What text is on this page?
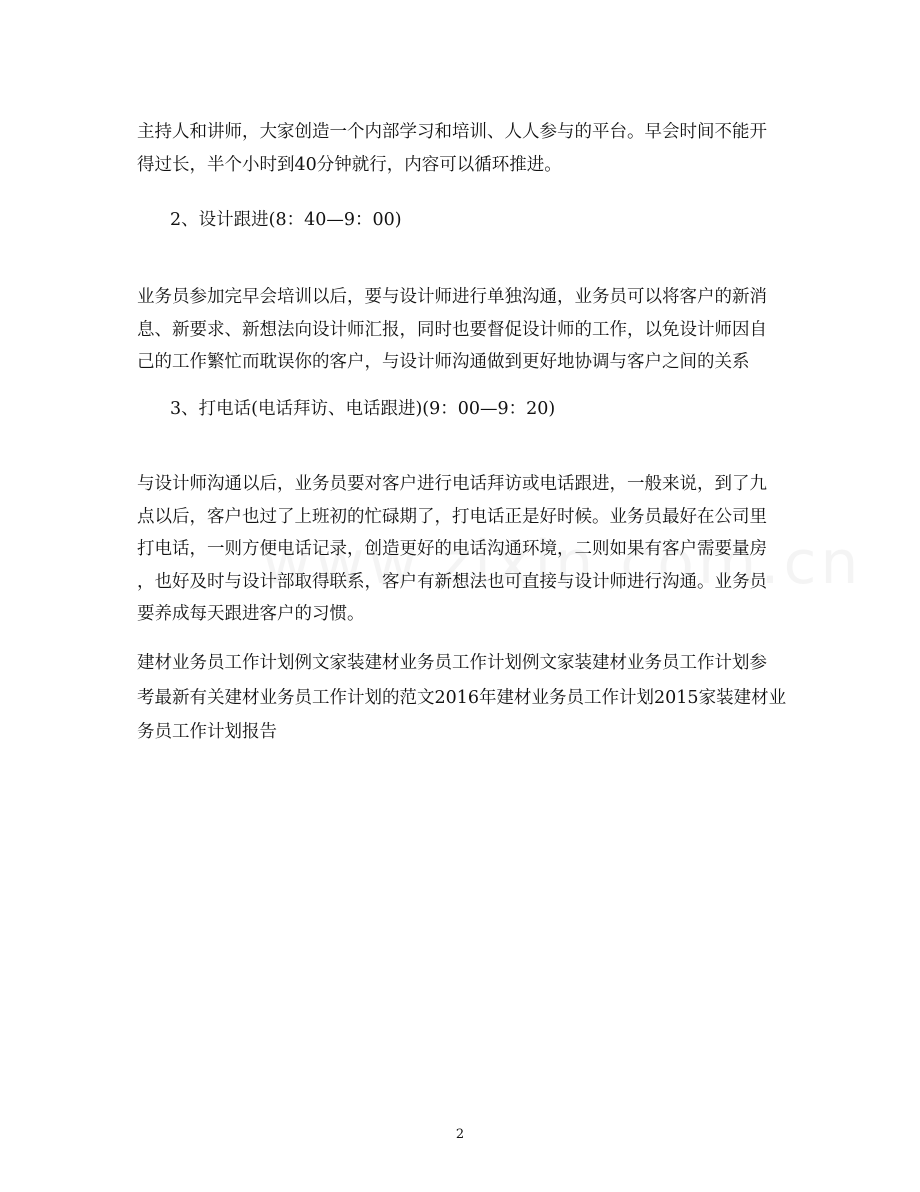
主持人和讲师，大家创造一个内部学习和培训、人人参与的平台。早会时间不能开
得过长，半个小时到40分钟就行，内容可以循环推进。

2、设计跟进(8：40—9：00)

业务员参加完早会培训以后，要与设计师进行单独沟通，业务员可以将客户的新消
息、新要求、新想法向设计师汇报，同时也要督促设计师的工作，以免设计师因自
己的工作繁忙而耽误你的客户，与设计师沟通做到更好地协调与客户之间的关系

3、打电话(电话拜访、电话跟进)(9：00—9：20)

与设计师沟通以后，业务员要对客户进行电话拜访或电话跟进，一般来说，到了九
点以后，客户也过了上班初的忙碌期了，打电话正是好时候。业务员最好在公司里
打电话，一则方便电话记录，创造更好的电话沟通环境，二则如果有客户需要量房
，也好及时与设计部取得联系，客户有新想法也可直接与设计师进行沟通。业务员
要养成每天跟进客户的习惯。

建材业务员工作计划例文家装建材业务员工作计划例文家装建材业务员工作计划参
考最新有关建材业务员工作计划的范文2016年建材业务员工作计划2015家装建材业
务员工作计划报告

2
